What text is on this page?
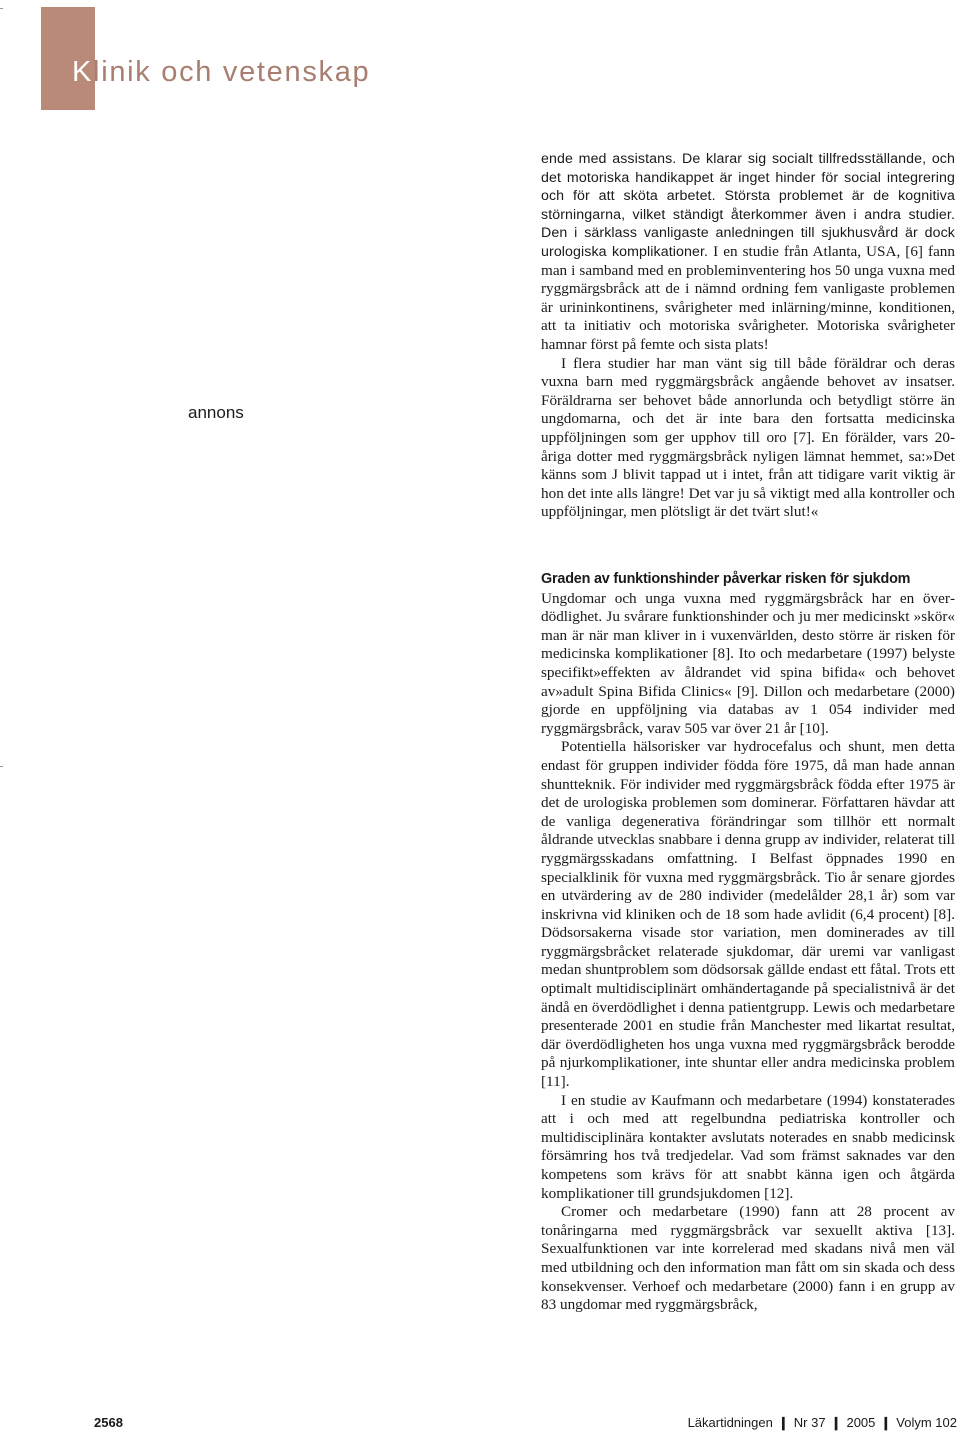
Klinik och vetenskap
annons

ende med assistans. De klarar sig socialt tillfredsställande, och det motoriska handikappet är inget hinder för social integrering och för att sköta arbetet. Största problemet är de kognitiva störningarna, vilket ständigt återkommer även i andra studier. Den i särklass vanligaste anledningen till sjukhusvård är dock urologiska komplikationer. I en studie från Atlanta, USA, [6] fann man i samband med en probleminventering hos 50 unga vuxna med ryggmärgsbråck att de i nämnd ordning fem vanligaste problemen är urininkontinens, svårigheter med inlärning/minne, konditionen, att ta initiativ och motoriska svårigheter. Motoriska svårigheter hamnar först på femte och sista plats!

I flera studier har man vänt sig till både föräldrar och deras vuxna barn med ryggmärgsbråck angående behovet av insatser. Föräldrarna ser behovet både annorlunda och betydligt större än ungdomarna, och det är inte bara den fortsatta medicinska uppföljningen som ger upphov till oro [7]. En förälder, vars 20-åriga dotter med ryggmärgsbråck nyligen lämnat hemmet, sa:»Det känns som J blivit tappad ut i intet, från att tidigare varit viktig är hon det inte alls längre! Det var ju så viktigt med alla kontroller och uppföljningar, men plötsligt är det tvärt slut!«

Graden av funktionshinder påverkar risken för sjukdom

Ungdomar och unga vuxna med ryggmärgsbråck har en överdödlighet. Ju svårare funktionshinder och ju mer medicinskt »skör« man är när man kliver in i vuxenvärlden, desto större är risken för medicinska komplikationer [8]. Ito och medarbetare (1997) belyste specifikt»effekten av åldrandet vid spina bifida« och behovet av»adult Spina Bifida Clinics« [9]. Dillon och medarbetare (2000) gjorde en uppföljning via databas av 1 054 individer med ryggmärgsbråck, varav 505 var över 21 år [10].

Potentiella hälsorisker var hydrocefalus och shunt, men detta endast för gruppen individer födda före 1975, då man hade annan shuntteknik. För individer med ryggmärgsbråck födda efter 1975 är det de urologiska problemen som dominerar. Författaren hävdar att de vanliga degenerativa förändringar som tillhör ett normalt åldrande utvecklas snabbare i denna grupp av individer, relaterat till ryggmärgsskadans omfattning. I Belfast öppnades 1990 en specialklinik för vuxna med ryggmärgsbråck. Tio år senare gjordes en utvärdering av de 280 individer (medelålder 28,1 år) som var inskrivna vid kliniken och de 18 som hade avlidit (6,4 procent) [8]. Dödsorsakerna visade stor variation, men dominerades av till ryggmärgsbråcket relaterade sjukdomar, där uremi var vanligast medan shuntproblem som dödsorsak gällde endast ett fåtal. Trots ett optimalt multidisciplinärt omhändertagande på specialistnivå är det ändå en överdödlighet i denna patientgrupp. Lewis och medarbetare presenterade 2001 en studie från Manchester med likartat resultat, där överdödligheten hos unga vuxna med ryggmärgsbråck berodde på njurkomplikationer, inte shuntar eller andra medicinska problem [11].

I en studie av Kaufmann och medarbetare (1994) konstaterades att i och med att regelbundna pediatriska kontroller och multidisciplinära kontakter avslutats noterades en snabb medicinsk försämring hos två tredjedelar. Vad som främst saknades var den kompetens som krävs för att snabbt känna igen och åtgärda komplikationer till grundsjukdomen [12].

Cromer och medarbetare (1990) fann att 28 procent av tonåringarna med ryggmärgsbråck var sexuellt aktiva [13]. Sexualfunktionen var inte korrelerad med skadans nivå men väl med utbildning och den information man fått om sin skada och dess konsekvenser. Verhoef och medarbetare (2000) fann i en grupp av 83 ungdomar med ryggmärgsbråck,

2568	Läkartidningen ❙ Nr 37 ❙ 2005 ❙ Volym 102
